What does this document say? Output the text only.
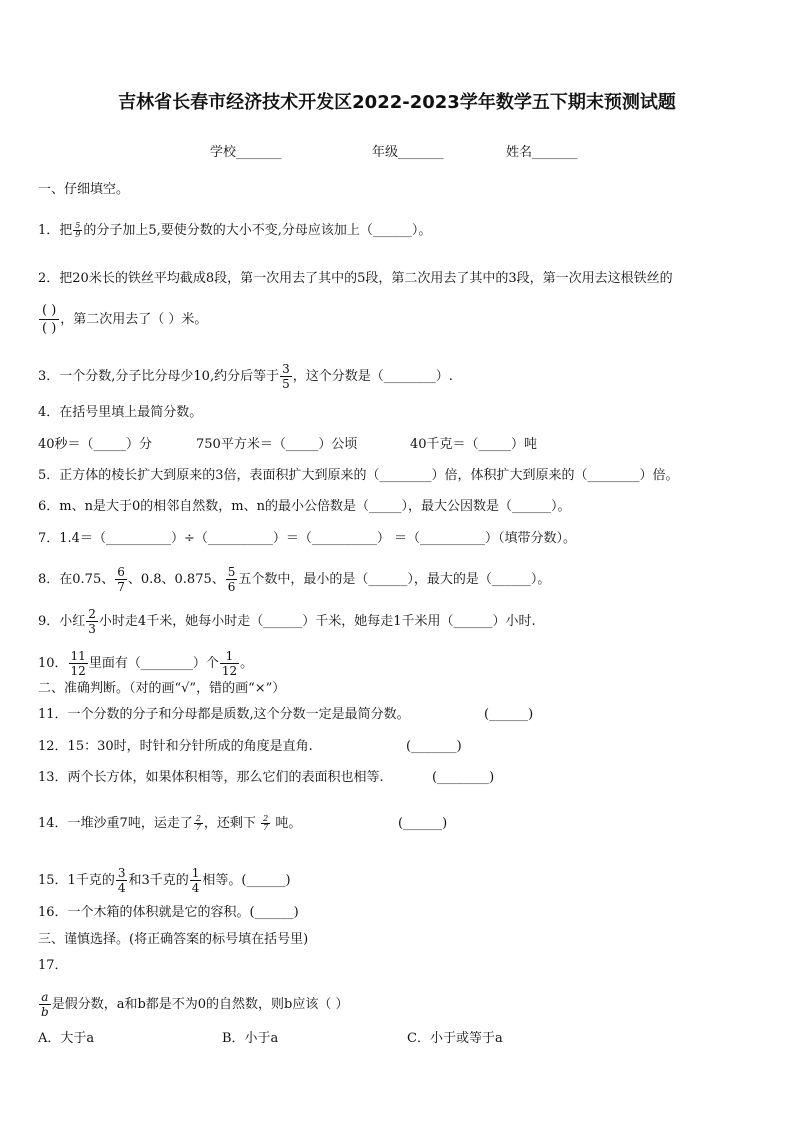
吉林省长春市经济技术开发区2022-2023学年数学五下期末预测试题
学校_______	年级_______	姓名_______
一、仔细填空。
1．把 $\frac{5}{9}$ 的分子加上5,要使分数的大小不变,分母应该加上（______）。
2．把20米长的铁丝平均截成8段，第一次用去了其中的5段，第二次用去了其中的3段，第一次用去这根铁丝的
( )
( )
，第二次用去了（ ）米。
3．一个分数,分子比分母少10,约分后等于 $\frac{3}{5}$ ，这个分数是（________）.
4．在括号里填上最简分数。
40秒＝（_____）分	750平方米＝（_____）公顷	40千克＝（_____）吨
5．正方体的棱长扩大到原来的3倍，表面积扩大到原来的（________）倍，体积扩大到原来的（________）倍。
6．m、n是大于0的相邻自然数，m、n的最小公倍数是（_____），最大公因数是（______）。
7．1.4＝（__________）÷（__________）＝（__________） ＝（__________）（填带分数）。
8．在0.75、 $\frac{6}{7}$ 、0.8、0.875、 $\frac{5}{6}$ 五个数中，最小的是（______），最大的是（______）。
9．小红 $\frac{2}{3}$ 小时走4千米，她每小时走（______）千米，她每走1千米用（______）小时.
10． $\frac{11}{12}$ 里面有（________）个 $\frac{1}{12}$ 。
二、准确判断。（对的画“√”，错的画“×”）
11．一个分数的分子和分母都是质数,这个分数一定是最简分数。	(______)
12．15：30时，时针和分针所成的角度是直角.	(_______)
13．两个长方体，如果体积相等，那么它们的表面积也相等.	(________)
14．一堆沙重7吨，运走了 $\frac{2}{7}$ ，还剩下 $\frac{2}{7}$ 吨。	(______)
15．1千克的 $\frac{3}{4}$ 和3千克的 $\frac{1}{4}$ 相等。(______)
16．一个木箱的体积就是它的容积。(______)
三、谨慎选择。(将正确答案的标号填在括号里)
17．
$\frac{a}{b}$ 是假分数，a和b都是不为0的自然数，则b应该（ ）
A．大于a	B．小于a	C．小于或等于a
